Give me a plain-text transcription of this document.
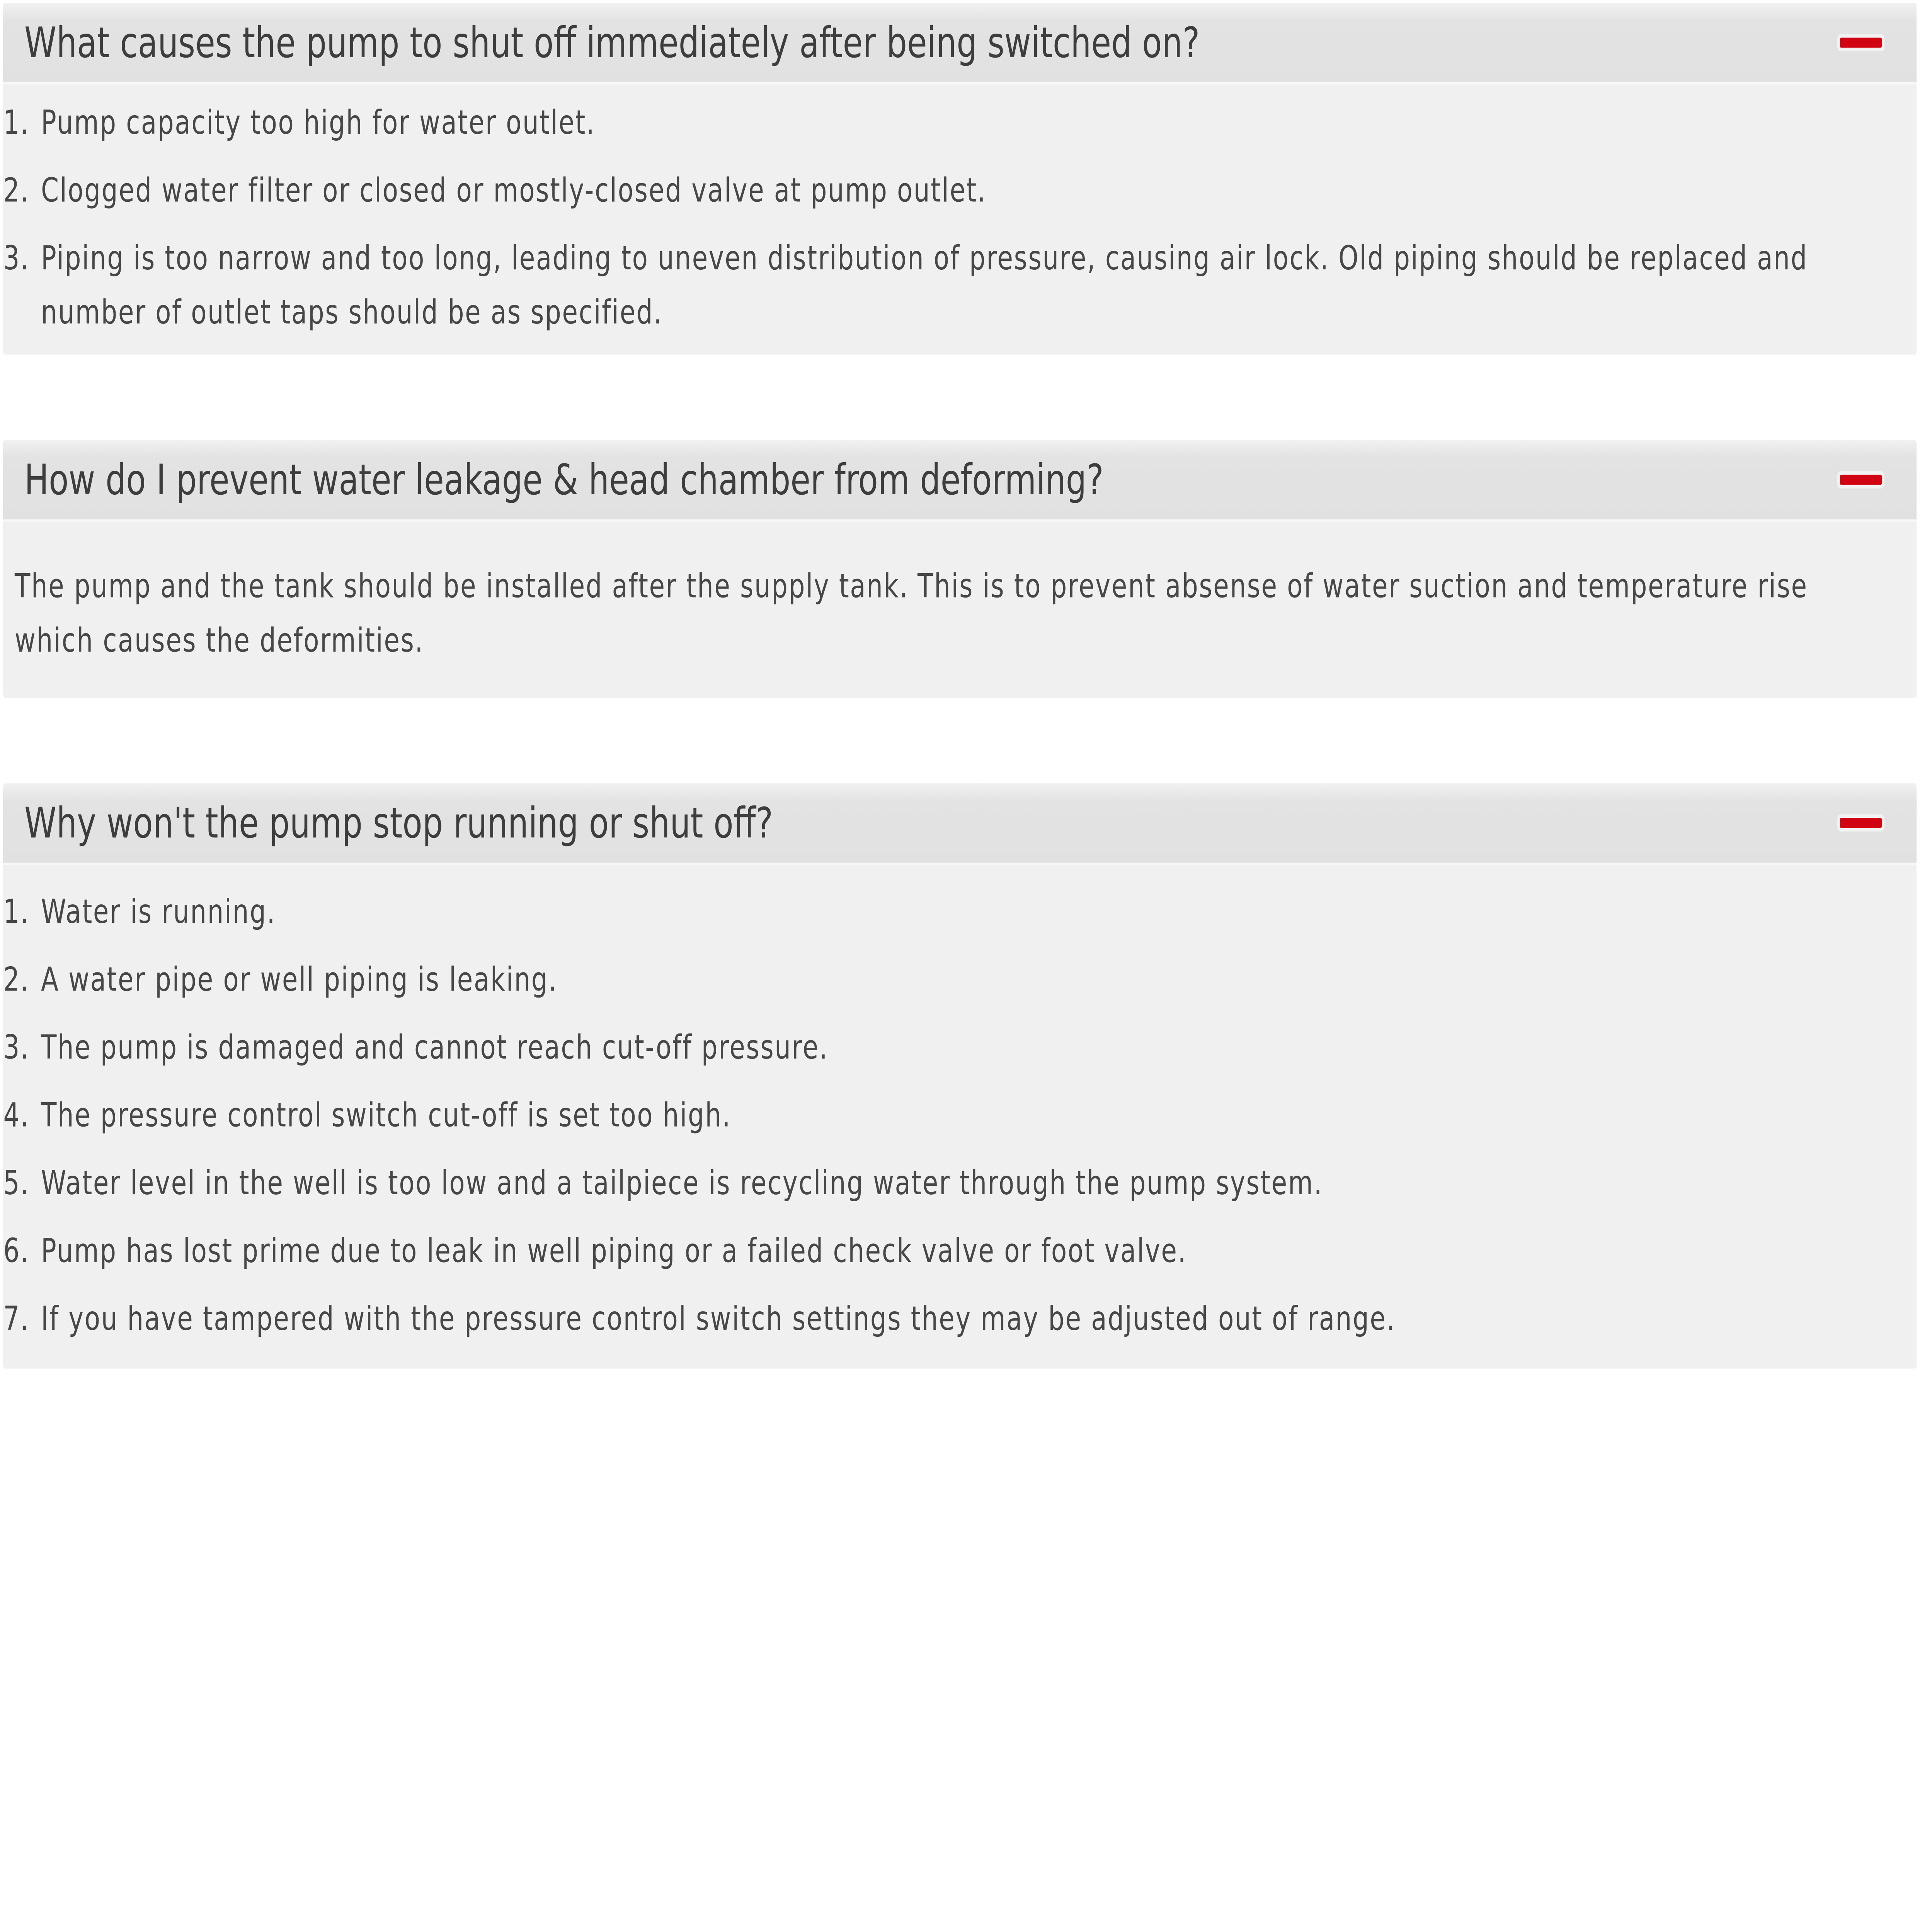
What causes the pump to shut off immediately after being switched on?
1. Pump capacity too high for water outlet.
2. Clogged water filter or closed or mostly-closed valve at pump outlet.
3. Piping is too narrow and too long, leading to uneven distribution of pressure, causing air lock. Old piping should be replaced and number of outlet taps should be as specified.
How do I prevent water leakage & head chamber from deforming?

The pump and the tank should be installed after the supply tank. This is to prevent absense of water suction and temperature rise which causes the deformities.

Why won't the pump stop running or shut off?
1. Water is running.
2. A water pipe or well piping is leaking.
3. The pump is damaged and cannot reach cut-off pressure.
4. The pressure control switch cut-off is set too high.
5. Water level in the well is too low and a tailpiece is recycling water through the pump system.
6. Pump has lost prime due to leak in well piping or a failed check valve or foot valve.
7. If you have tampered with the pressure control switch settings they may be adjusted out of range.
